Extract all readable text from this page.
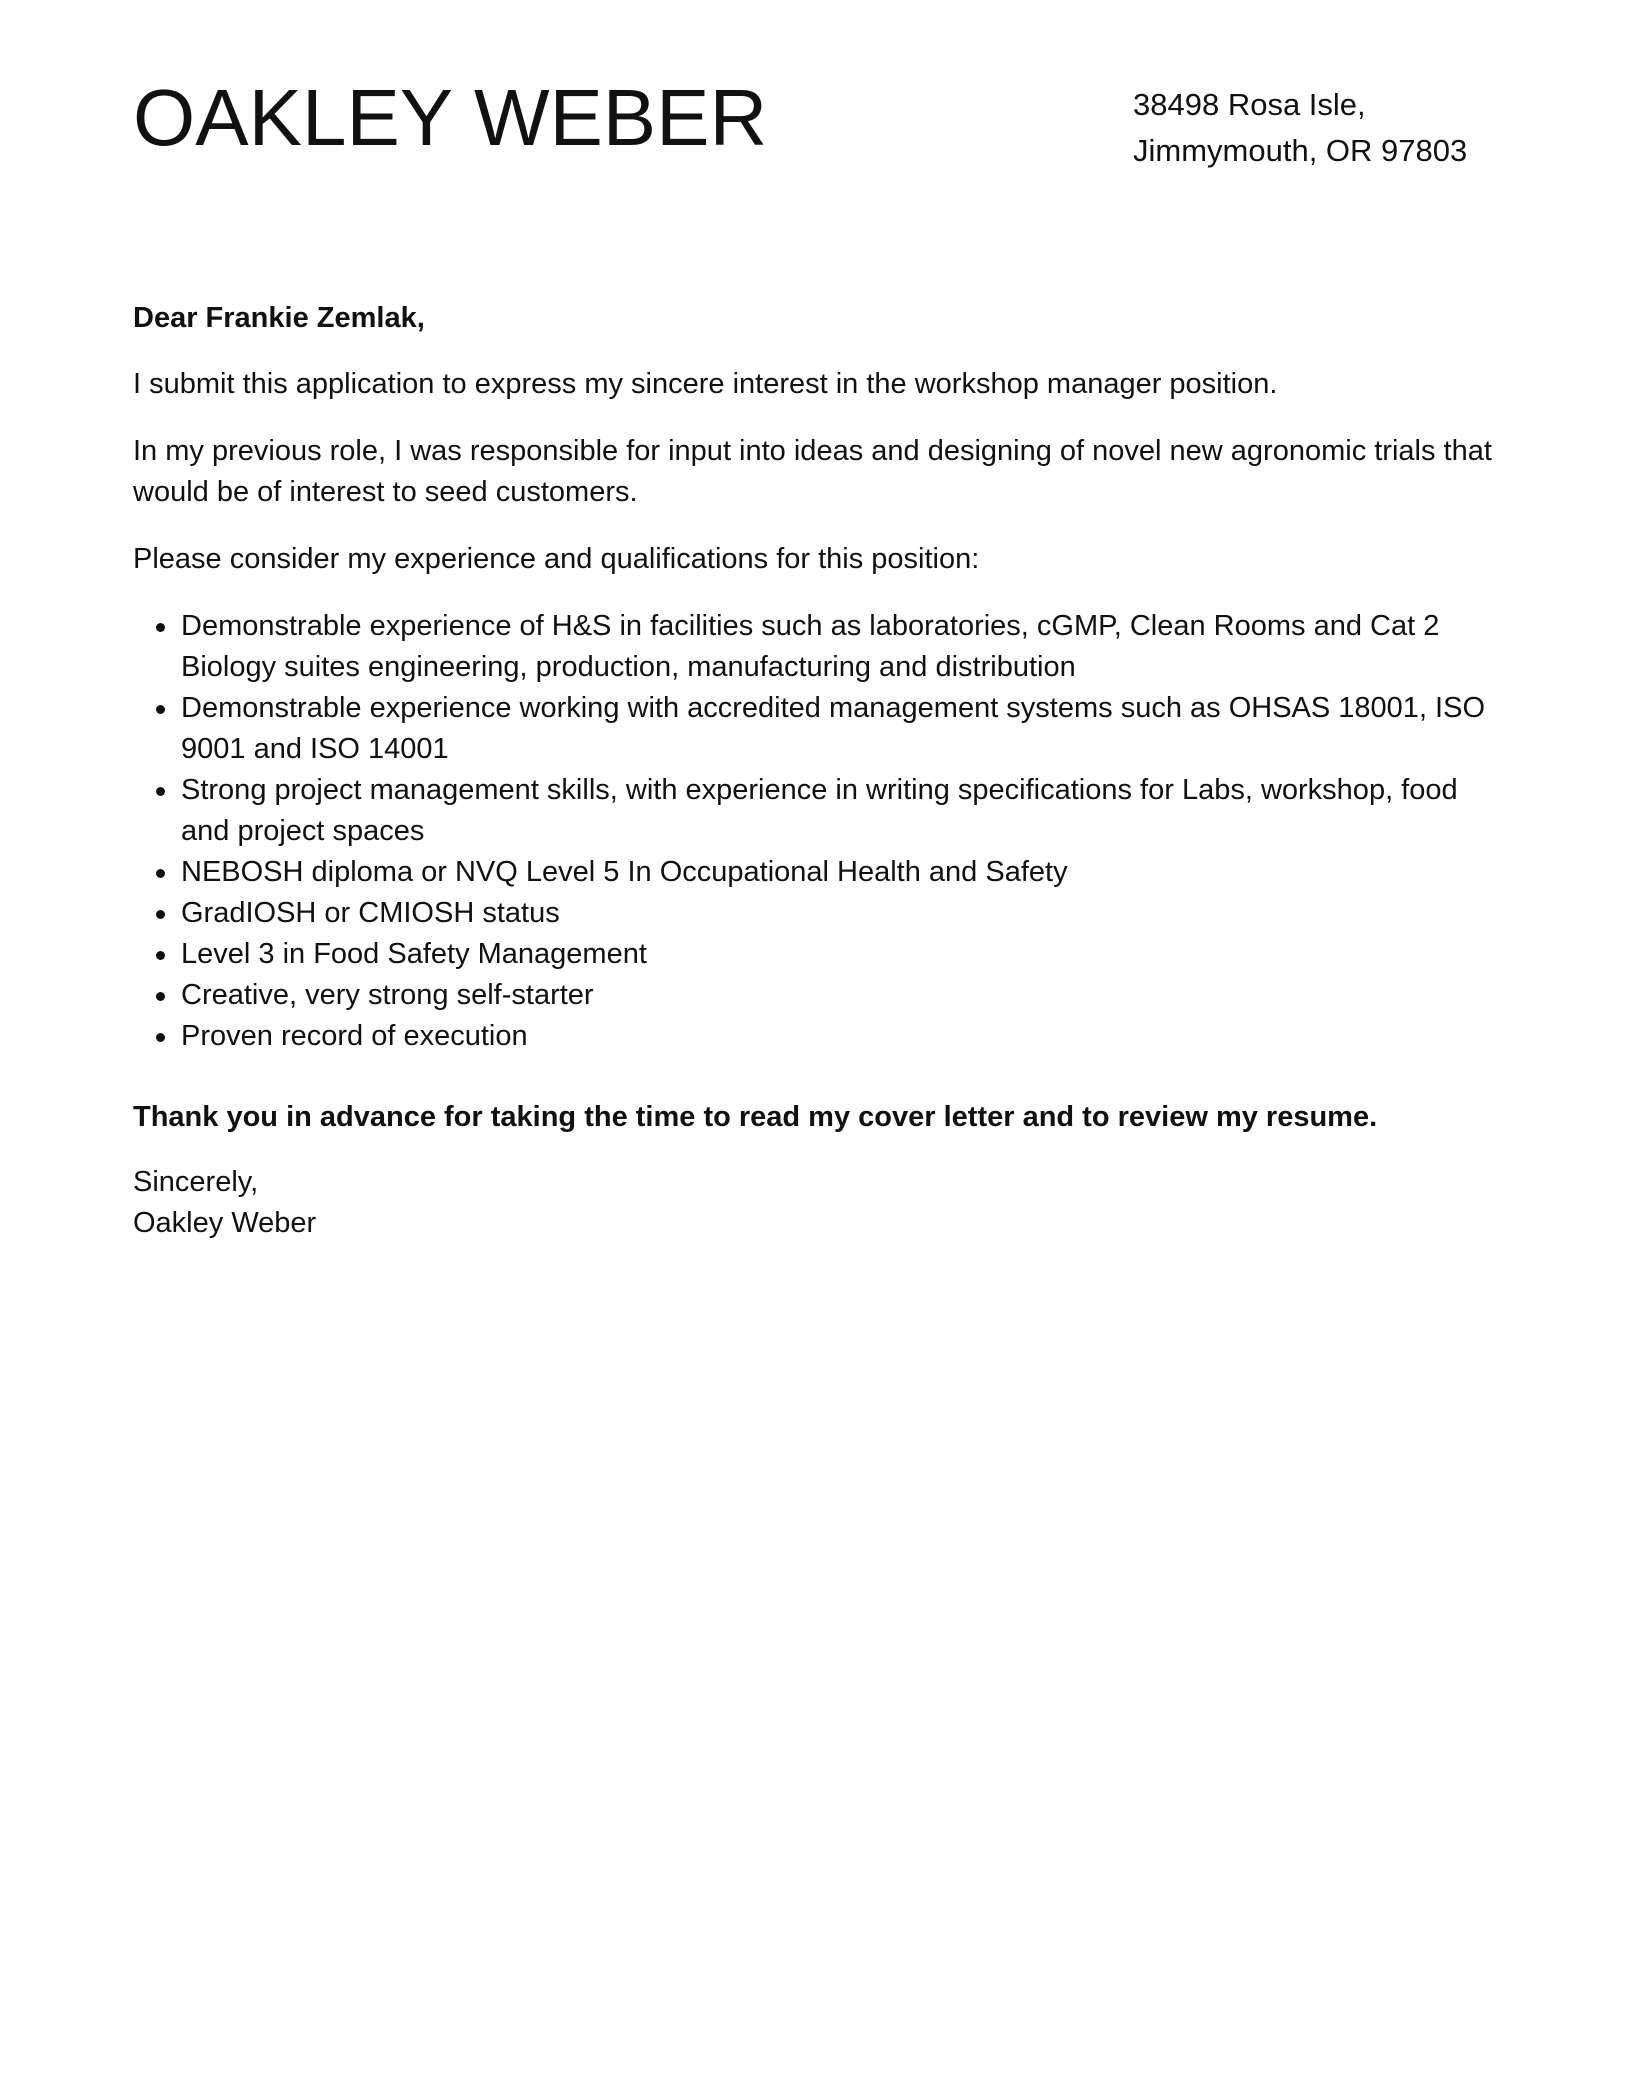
OAKLEY WEBER	38498 Rosa Isle,
Jimmymouth, OR 97803

Dear Frankie Zemlak,

I submit this application to express my sincere interest in the workshop manager position.

In my previous role, I was responsible for input into ideas and designing of novel new agronomic trials that would be of interest to seed customers.

Please consider my experience and qualifications for this position:

Demonstrable experience of H&S in facilities such as laboratories, cGMP, Clean Rooms and Cat 2 Biology suites engineering, production, manufacturing and distribution
Demonstrable experience working with accredited management systems such as OHSAS 18001, ISO 9001 and ISO 14001
Strong project management skills, with experience in writing specifications for Labs, workshop, food and project spaces
NEBOSH diploma or NVQ Level 5 In Occupational Health and Safety
GradIOSH or CMIOSH status
Level 3 in Food Safety Management
Creative, very strong self-starter
Proven record of execution

Thank you in advance for taking the time to read my cover letter and to review my resume.

Sincerely,
Oakley Weber
